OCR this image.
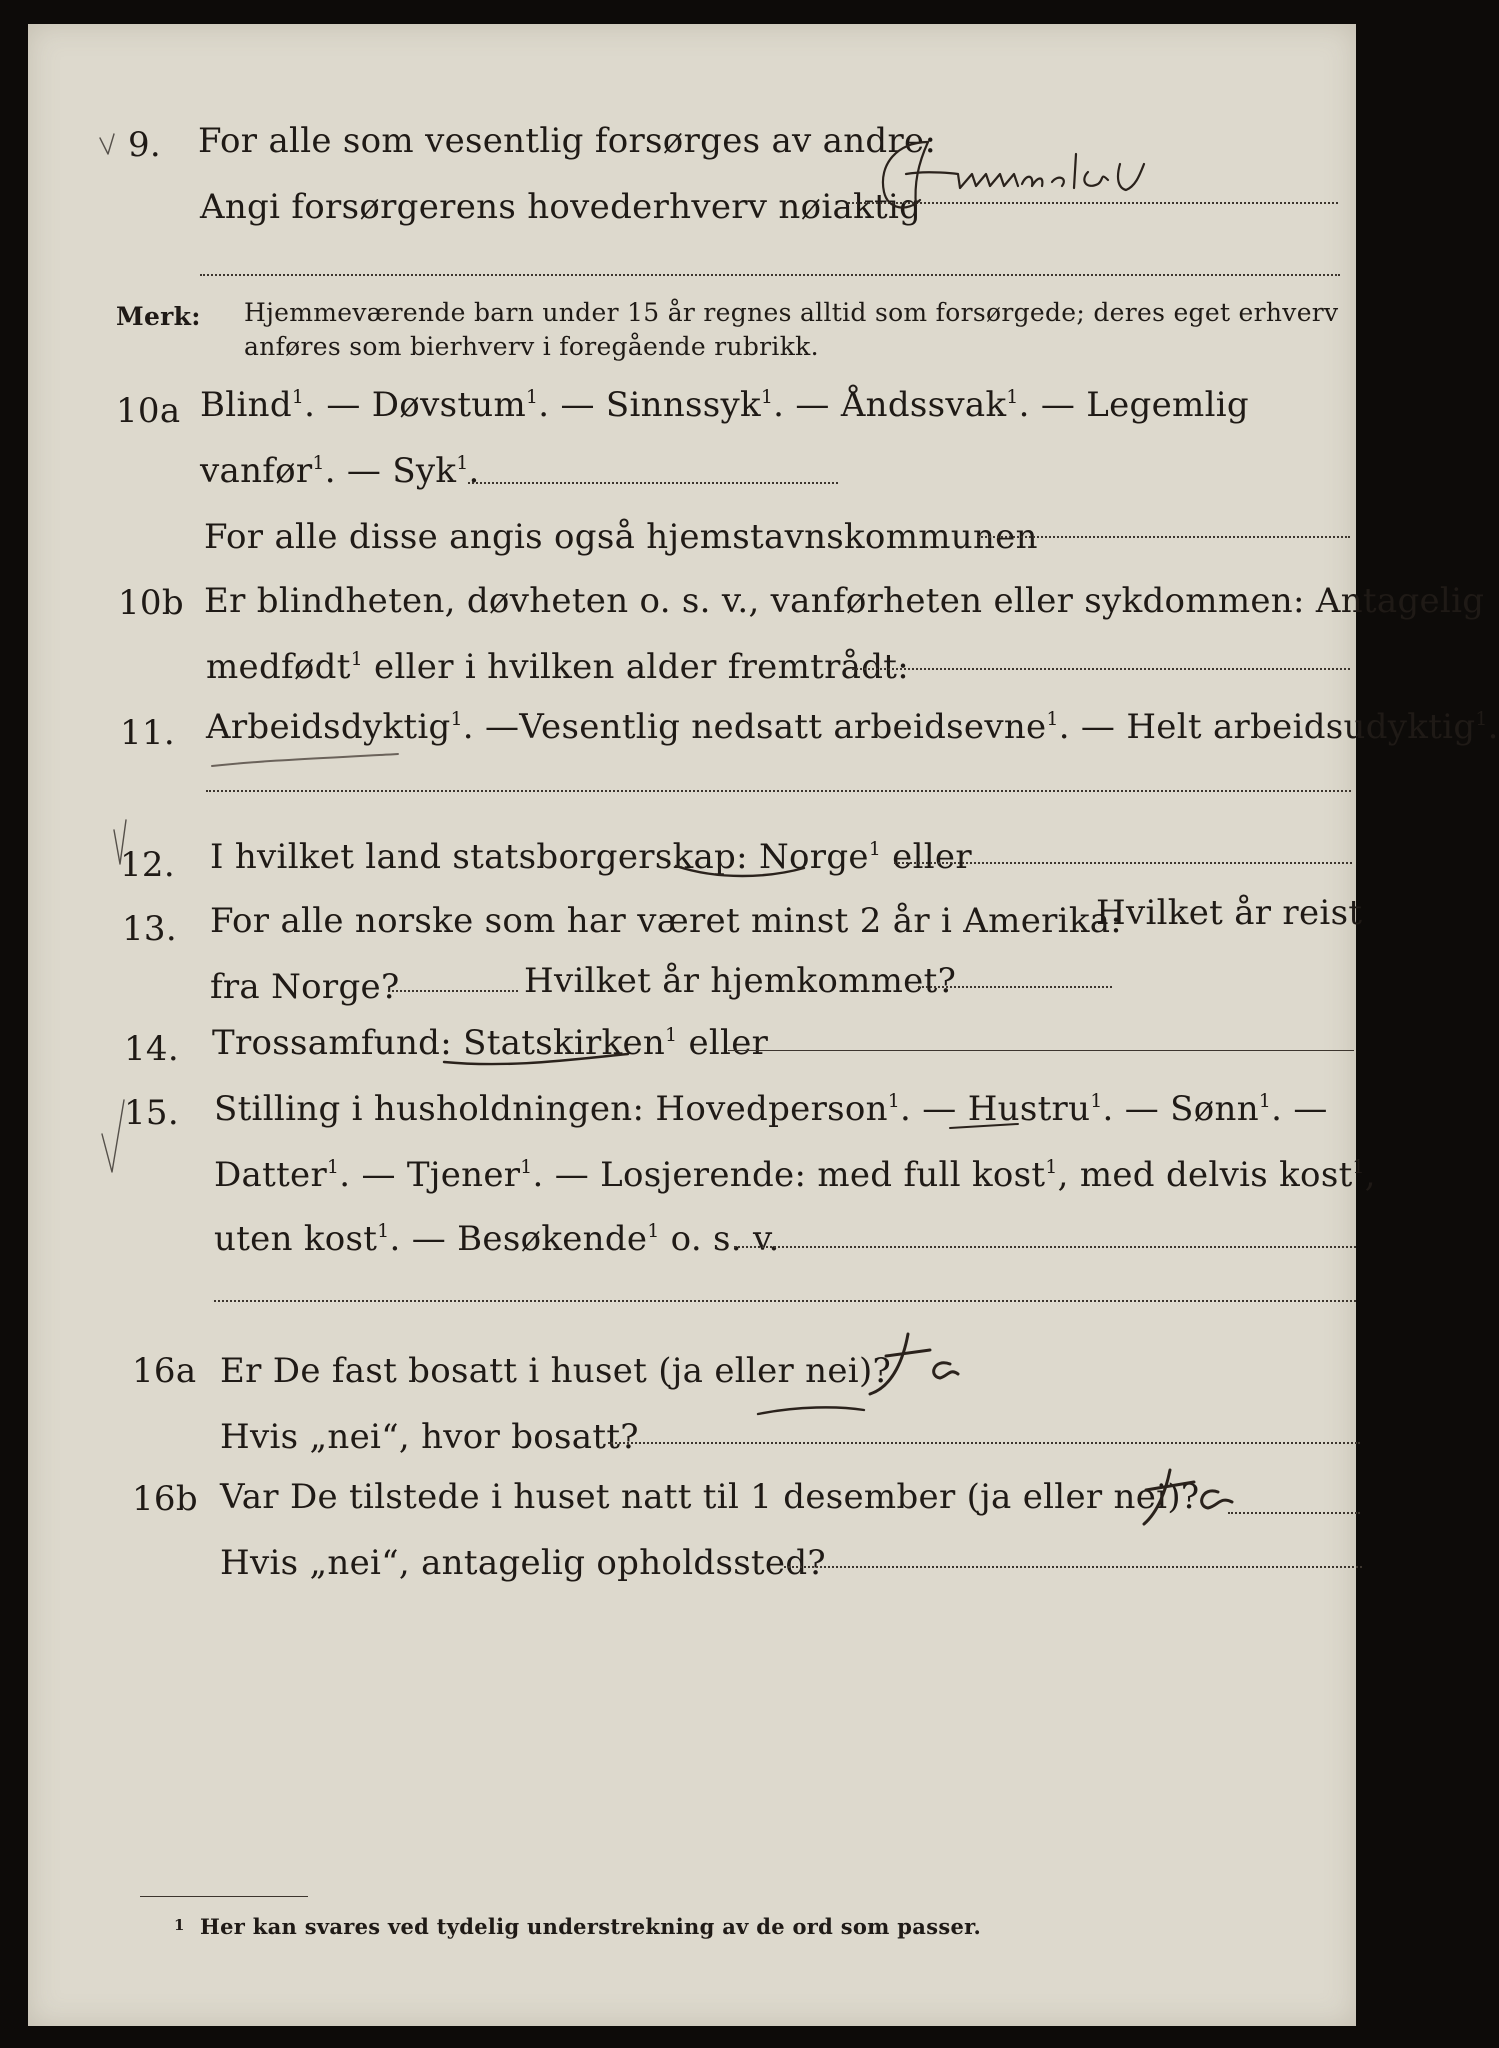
9. For alle som vesentlig forsørges av andre:
Angi forsørgerens hovederhverv nøiaktig
Merk: Hjemmeværende barn under 15 år regnes alltid som forsørgede; deres eget erhverv
anføres som bierhverv i foregående rubrikk.
10a Blind$^1$. — Døvstum$^1$. — Sinnssyk$^1$. — Åndssvak$^1$. — Legemlig
vanfør$^1$. — Syk$^1$.
For alle disse angis også hjemstavnskommunen
10b Er blindheten, døvheten o. s. v., vanførheten eller sykdommen: Antagelig
medfødt$^1$ eller i hvilken alder fremtrådt:
11. Arbeidsdyktig$^1$. —Vesentlig nedsatt arbeidsevne$^1$. — Helt arbeidsudyktig$^1$.
12. I hvilket land statsborgerskap: Norge$^1$ eller
13. For alle norske som har været minst 2 år i Amerika:
Hvilket år reist
fra Norge?	Hvilket år hjemkommet?
14. Trossamfund: Statskirken$^1$ eller
15. Stilling i husholdningen: Hovedperson$^1$. — Hustru$^1$. — Sønn$^1$. —
Datter$^1$. — Tjener$^1$. — Losjerende: med full kost$^1$, med delvis kost$^1$,
uten kost$^1$. — Besøkende$^1$ o. s. v.
16a Er De fast bosatt i huset (ja eller nei)?
Hvis „nei“, hvor bosatt?
16b Var De tilstede i huset natt til 1 desember (ja eller nei)?
Hvis „nei“, antagelig opholdssted?
1 Her kan svares ved tydelig understrekning av de ord som passer.
